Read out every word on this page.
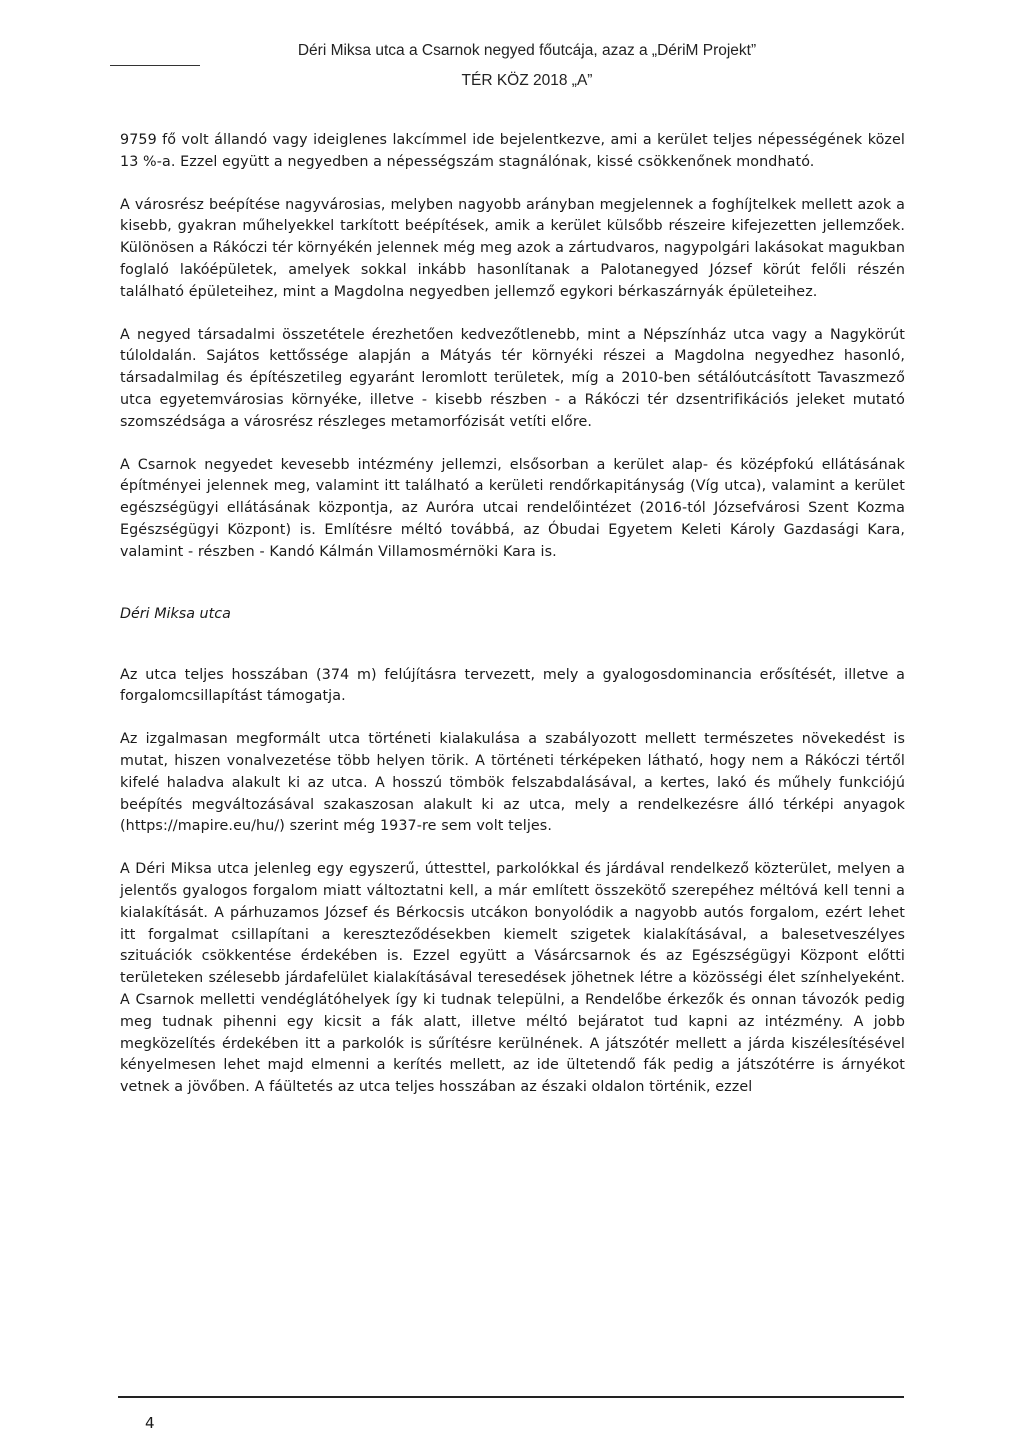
Déri Miksa utca a Csarnok negyed főutcája, azaz a „DériM Projekt”
TÉR KÖZ 2018 „A”

9759 fő volt állandó vagy ideiglenes lakcímmel ide bejelentkezve, ami a kerület teljes népességének közel 13 %-a. Ezzel együtt a negyedben a népességszám stagnálónak, kissé csökkenőnek mondható.

A városrész beépítése nagyvárosias, melyben nagyobb arányban megjelennek a foghíjtelkek mellett azok a kisebb, gyakran műhelyekkel tarkított beépítések, amik a kerület külsőbb részeire kifejezetten jellemzőek. Különösen a Rákóczi tér környékén jelennek még meg azok a zártudvaros, nagypolgári lakásokat magukban foglaló lakóépületek, amelyek sokkal inkább hasonlítanak a Palotanegyed József körút felőli részén található épületeihez, mint a Magdolna negyedben jellemző egykori bérkaszárnyák épületeihez.

A negyed társadalmi összetétele érezhetően kedvezőtlenebb, mint a Népszínház utca vagy a Nagykörút túloldalán. Sajátos kettőssége alapján a Mátyás tér környéki részei a Magdolna negyedhez hasonló, társadalmilag és építészetileg egyaránt leromlott területek, míg a 2010-ben sétálóutcásított Tavaszmező utca egyetemvárosias környéke, illetve - kisebb részben - a Rákóczi tér dzsentrifikációs jeleket mutató szomszédsága a városrész részleges metamorfózisát vetíti előre.

A Csarnok negyedet kevesebb intézmény jellemzi, elsősorban a kerület alap- és középfokú ellátásának építményei jelennek meg, valamint itt található a kerületi rendőrkapitányság (Víg utca), valamint a kerület egészségügyi ellátásának központja, az Auróra utcai rendelőintézet (2016-tól Józsefvárosi Szent Kozma Egészségügyi Központ) is. Említésre méltó továbbá, az Óbudai Egyetem Keleti Károly Gazdasági Kara, valamint - részben - Kandó Kálmán Villamosmérnöki Kara is.

Déri Miksa utca

Az utca teljes hosszában (374 m) felújításra tervezett, mely a gyalogosdominancia erősítését, illetve a forgalomcsillapítást támogatja.

Az izgalmasan megformált utca történeti kialakulása a szabályozott mellett természetes növekedést is mutat, hiszen vonalvezetése több helyen törik. A történeti térképeken látható, hogy nem a Rákóczi tértől kifelé haladva alakult ki az utca. A hosszú tömbök felszabdalásával, a kertes, lakó és műhely funkciójú beépítés megváltozásával szakaszosan alakult ki az utca, mely a rendelkezésre álló térképi anyagok (https://mapire.eu/hu/) szerint még 1937-re sem volt teljes.

A Déri Miksa utca jelenleg egy egyszerű, úttesttel, parkolókkal és járdával rendelkező közterület, melyen a jelentős gyalogos forgalom miatt változtatni kell, a már említett összekötő szerepéhez méltóvá kell tenni a kialakítását. A párhuzamos József és Bérkocsis utcákon bonyolódik a nagyobb autós forgalom, ezért lehet itt forgalmat csillapítani a kereszteződésekben kiemelt szigetek kialakításával, a balesetveszélyes szituációk csökkentése érdekében is. Ezzel együtt a Vásárcsarnok és az Egészségügyi Központ előtti területeken szélesebb járdafelület kialakításával teresedések jöhetnek létre a közösségi élet színhelyeként. A Csarnok melletti vendéglátóhelyek így ki tudnak települni, a Rendelőbe érkezők és onnan távozók pedig meg tudnak pihenni egy kicsit a fák alatt, illetve méltó bejáratot tud kapni az intézmény. A jobb megközelítés érdekében itt a parkolók is sűrítésre kerülnének. A játszótér mellett a járda kiszélesítésével kényelmesen lehet majd elmenni a kerítés mellett, az ide ültetendő fák pedig a játszótérre is árnyékot vetnek a jövőben. A fáültetés az utca teljes hosszában az északi oldalon történik, ezzel

4
